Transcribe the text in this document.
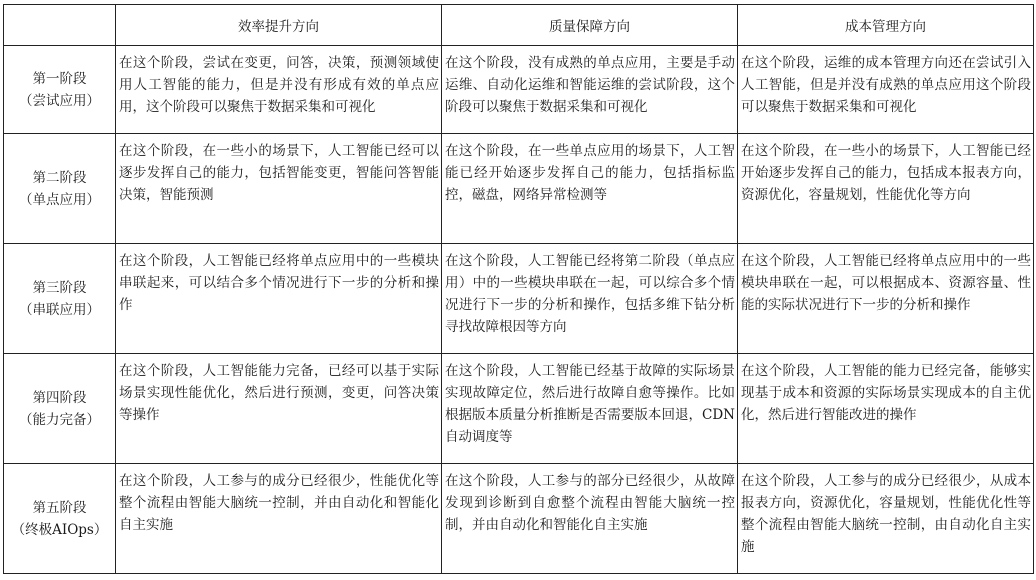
	效率提升方向	质量保障方向	成本管理方向

第一阶段
（尝试应用）	在这个阶段，尝试在变更，问答，决策，预测领域使用人工智能的能力，但是并没有形成有效的单点应用，这个阶段可以聚焦于数据采集和可视化	在这个阶段，没有成熟的单点应用，主要是手动运维、自动化运维和智能运维的尝试阶段，这个阶段可以聚焦于数据采集和可视化	在这个阶段，运维的成本管理方向还在尝试引入人工智能，但是并没有成熟的单点应用这个阶段可以聚焦于数据采集和可视化

第二阶段
（单点应用）	在这个阶段，在一些小的场景下，人工智能已经可以逐步发挥自己的能力，包括智能变更，智能问答智能决策，智能预测	在这个阶段，在一些单点应用的场景下，人工智能已经开始逐步发挥自己的能力，包括指标监控，磁盘，网络异常检测等	在这个阶段，在一些小的场景下，人工智能已经开始逐步发挥自己的能力，包括成本报表方向，资源优化，容量规划，性能优化等方向

第三阶段
（串联应用）	在这个阶段，人工智能已经将单点应用中的一些模块串联起来，可以结合多个情况进行下一步的分析和操作	在这个阶段，人工智能已经将第二阶段（单点应用）中的一些模块串联在一起，可以综合多个情况进行下一步的分析和操作，包括多维下钻分析寻找故障根因等方向	在这个阶段，人工智能已经将单点应用中的一些模块串联在一起，可以根据成本、资源容量、性能的实际状况进行下一步的分析和操作

第四阶段
（能力完备）	在这个阶段，人工智能能力完备，已经可以基于实际场景实现性能优化，然后进行预测，变更，问答决策等操作	在这个阶段，人工智能已经基于故障的实际场景实现故障定位，然后进行故障自愈等操作。比如根据版本质量分析推断是否需要版本回退，CDN自动调度等	在这个阶段，人工智能的能力已经完备，能够实现基于成本和资源的实际场景实现成本的自主优化，然后进行智能改进的操作

第五阶段
（终极AIOps）	在这个阶段，人工参与的成分已经很少，性能优化等整个流程由智能大脑统一控制，并由自动化和智能化自主实施	在这个阶段，人工参与的部分已经很少，从故障发现到诊断到自愈整个流程由智能大脑统一控制，并由自动化和智能化自主实施	在这个阶段，人工参与的成分已经很少，从成本报表方向，资源优化，容量规划，性能优化性等整个流程由智能大脑统一控制，由自动化自主实施
